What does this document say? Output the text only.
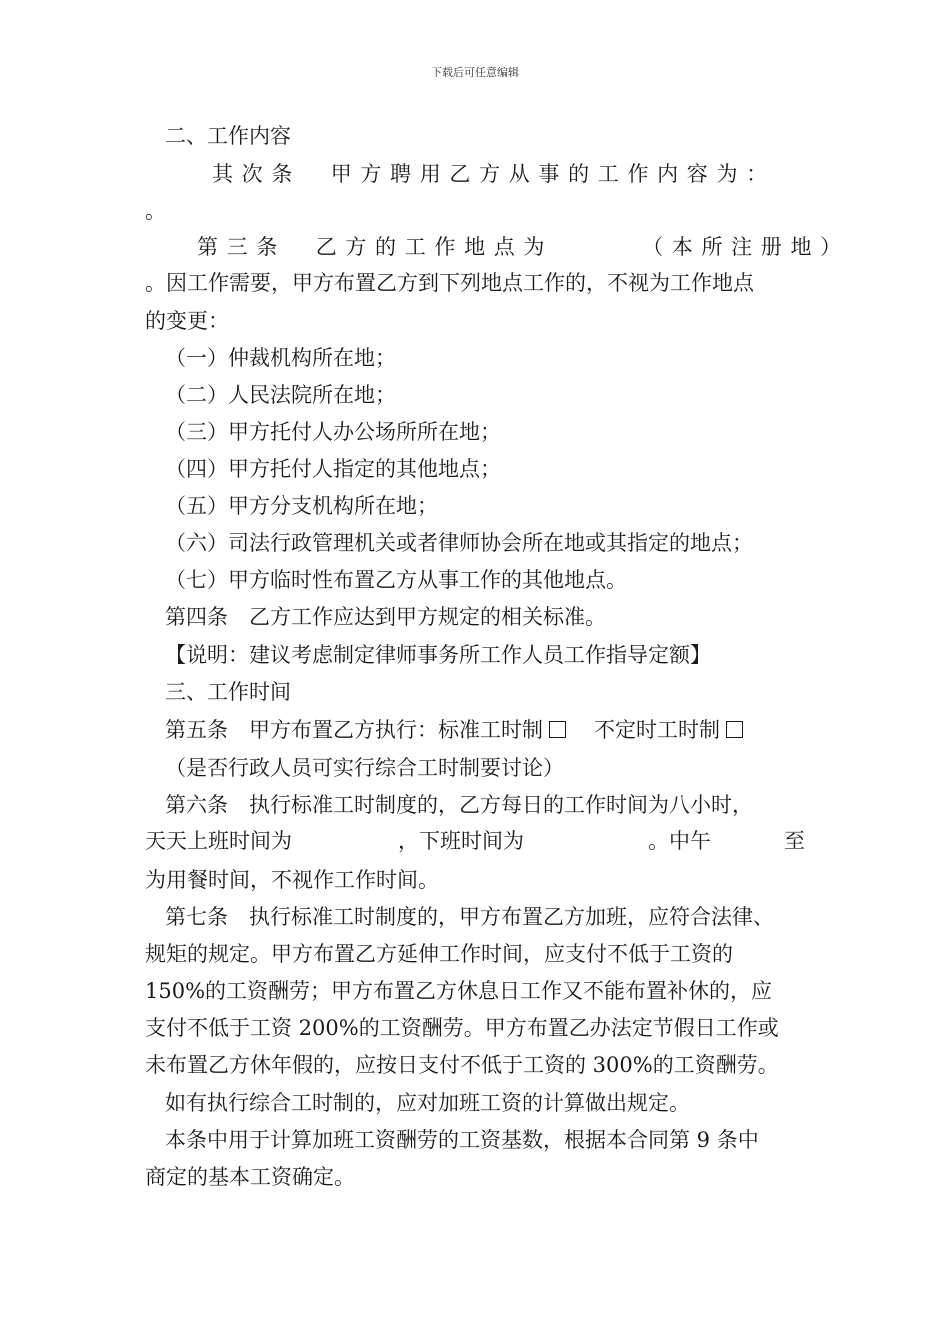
下载后可任意编辑
二、工作内容
其 次 条 　 甲 方 聘 用 乙 方 从 事 的 工 作 内 容 为 ：
。
第 三 条 　 乙 方 的 工 作 地 点 为 　 　 　 （ 本 所 注 册 地 ）
。因工作需要，甲方布置乙方到下列地点工作的，不视为工作地点
的变更：
（一）仲裁机构所在地；
（二）人民法院所在地；
（三）甲方托付人办公场所所在地；
（四）甲方托付人指定的其他地点；
（五）甲方分支机构所在地；
（六）司法行政管理机关或者律师协会所在地或其指定的地点；
（七）甲方临时性布置乙方从事工作的其他地点。
第四条　乙方工作应达到甲方规定的相关标准。
【说明：建议考虑制定律师事务所工作人员工作指导定额】
三、工作时间
第五条　甲方布置乙方执行：标准工时制 不定时工时制
（是否行政人员可实行综合工时制要讨论）
第六条　执行标准工时制度的，乙方每日的工作时间为八小时，
天天上班时间为	，下班时间为	。中午	至
为用餐时间，不视作工作时间。
第七条　执行标准工时制度的，甲方布置乙方加班，应符合法律、
规矩的规定。甲方布置乙方延伸工作时间，应支付不低于工资的
150%的工资酬劳；甲方布置乙方休息日工作又不能布置补休的，应
支付不低于工资 200%的工资酬劳。甲方布置乙办法定节假日工作或
未布置乙方休年假的，应按日支付不低于工资的 300%的工资酬劳。
如有执行综合工时制的，应对加班工资的计算做出规定。
本条中用于计算加班工资酬劳的工资基数，根据本合同第 9 条中
商定的基本工资确定。
